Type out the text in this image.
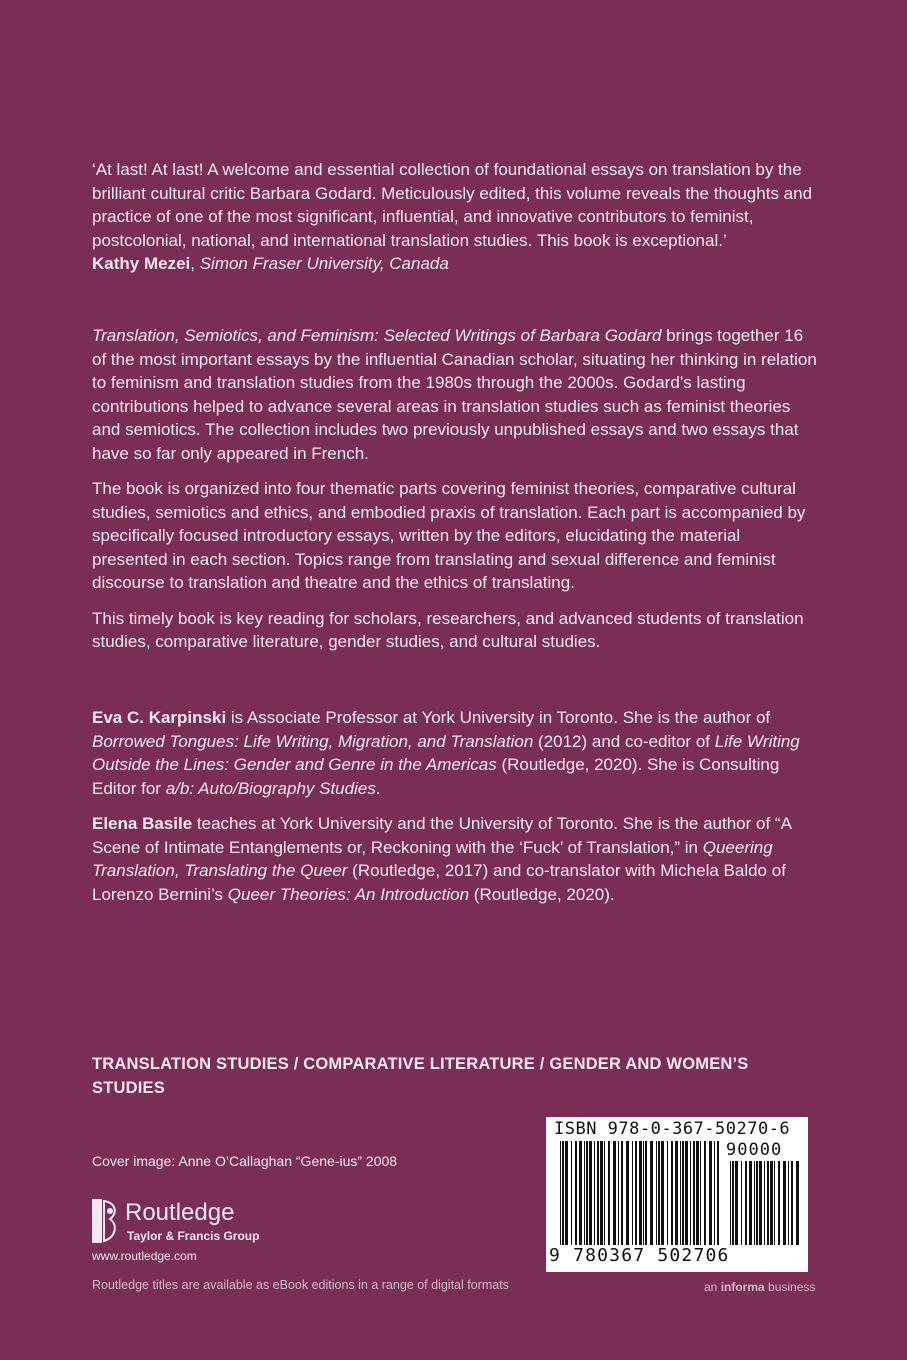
‘At last! At last! A welcome and essential collection of foundational essays on translation by the brilliant cultural critic Barbara Godard. Meticulously edited, this volume reveals the thoughts and practice of one of the most significant, influential, and innovative contributors to feminist, postcolonial, national, and international translation studies. This book is exceptional.’

Kathy Mezei, Simon Fraser University, Canada

Translation, Semiotics, and Feminism: Selected Writings of Barbara Godard brings together 16 of the most important essays by the influential Canadian scholar, situating her thinking in relation to feminism and translation studies from the 1980s through the 2000s. Godard’s lasting contributions helped to advance several areas in translation studies such as feminist theories and semiotics. The collection includes two previously unpublished essays and two essays that have so far only appeared in French.

The book is organized into four thematic parts covering feminist theories, comparative cultural studies, semiotics and ethics, and embodied praxis of translation. Each part is accompanied by specifically focused introductory essays, written by the editors, elucidating the material presented in each section. Topics range from translating and sexual difference and feminist discourse to translation and theatre and the ethics of translating.

This timely book is key reading for scholars, researchers, and advanced students of translation studies, comparative literature, gender studies, and cultural studies.

Eva C. Karpinski is Associate Professor at York University in Toronto. She is the author of Borrowed Tongues: Life Writing, Migration, and Translation (2012) and co-editor of Life Writing Outside the Lines: Gender and Genre in the Americas (Routledge, 2020). She is Consulting Editor for a/b: Auto/Biography Studies.

Elena Basile teaches at York University and the University of Toronto. She is the author of “A Scene of Intimate Entanglements or, Reckoning with the ‘Fuck’ of Translation,” in Queering Translation, Translating the Queer (Routledge, 2017) and co-translator with Michela Baldo of Lorenzo Bernini’s Queer Theories: An Introduction (Routledge, 2020).

TRANSLATION STUDIES / COMPARATIVE LITERATURE / GENDER AND WOMEN’S STUDIES
Cover image: Anne O’Callaghan “Gene-ius” 2008
Routledge
Taylor & Francis Group
www.routledge.com
Routledge titles are available as eBook editions in a range of digital formats	an informa business
ISBN 978-0-367-50270-6
90000
9 780367 502706
